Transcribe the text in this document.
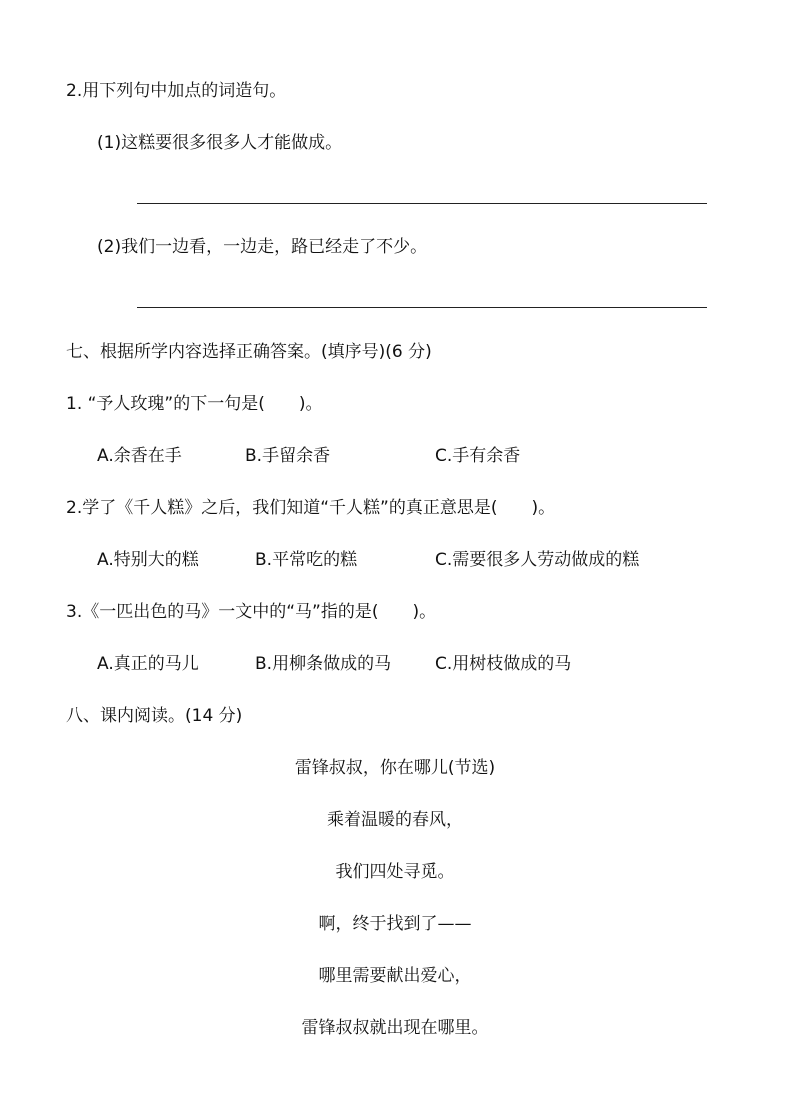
2.用下列句中加点的词造句。
(1)这糕要很多很多人才能做成。
(2)我们一边看，一边走，路已经走了不少。
七、根据所学内容选择正确答案。(填序号)(6 分)
1. “予人玫瑰”的下一句是(　　)。
A.余香在手	B.手留余香	C.手有余香
2.学了《千人糕》之后，我们知道“千人糕”的真正意思是(　　)。
A.特别大的糕	B.平常吃的糕	C.需要很多人劳动做成的糕
3.《一匹出色的马》一文中的“马”指的是(　　)。
A.真正的马儿	B.用柳条做成的马	C.用树枝做成的马
八、课内阅读。(14 分)
雷锋叔叔，你在哪儿(节选)
乘着温暖的春风，
我们四处寻觅。
啊，终于找到了——
哪里需要献出爱心，
雷锋叔叔就出现在哪里。
